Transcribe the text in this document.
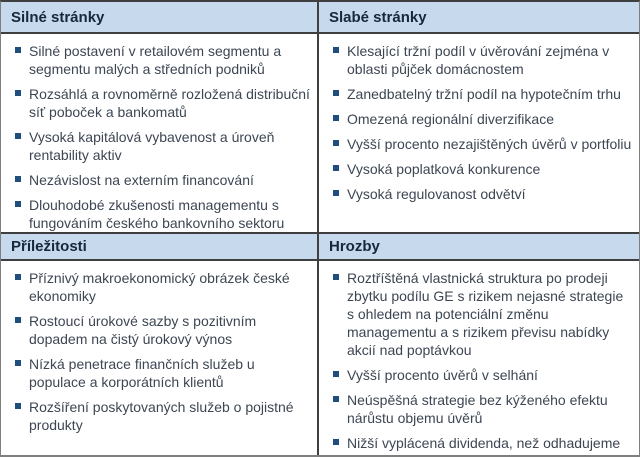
Silné stránky	Slabé stránky
Silné postavení v retailovém segmentu a segmentu malých a středních podniků
Rozsáhlá a rovnoměrně rozložená distribuční síť poboček a bankomatů
Vysoká kapitálová vybavenost a úroveň rentability aktiv
Nezávislost na externím financování
Dlouhodobé zkušenosti managementu s fungováním českého bankovního sektoru
Klesající tržní podíl v úvěrování zejména v oblasti půjček domácnostem
Zanedbatelný tržní podíl na hypotečním trhu
Omezená regionální diverzifikace
Vyšší procento nezajištěných úvěrů v portfoliu
Vysoká poplatková konkurence
Vysoká regulovanost odvětví
Příležitosti	Hrozby
Příznivý makroekonomický obrázek české ekonomiky
Rostoucí úrokové sazby s pozitivním dopadem na čistý úrokový výnos
Nízká penetrace finančních služeb u populace a korporátních klientů
Rozšíření poskytovaných služeb o pojistné produkty
Roztříštěná vlastnická struktura po prodeji zbytku podílu GE s rizikem nejasné strategie s ohledem na potenciální změnu managementu a s rizikem převisu nabídky akcií nad poptávkou
Vyšší procento úvěrů v selhání
Neúspěšná strategie bez kýženého efektu nárůstu objemu úvěrů
Nižší vyplácená dividenda, než odhadujeme
